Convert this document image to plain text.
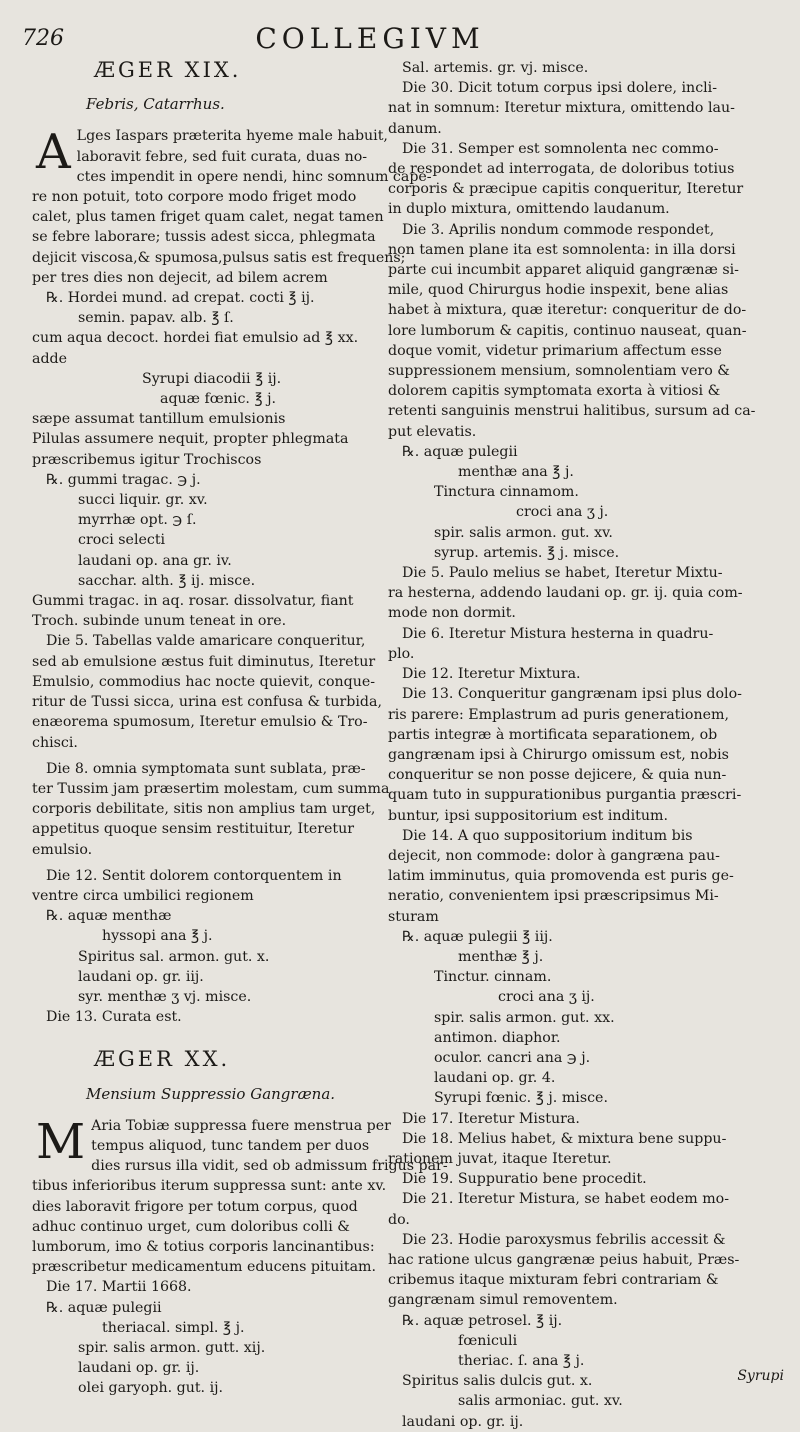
726	COLLEGIVM

ÆGER XIX.

Febris, Catarrhus.

A Lges Iaspars præterita hyeme male habuit,

laboravit febre, sed fuit curata, duas no-

ctes impendit in opere nendi, hinc somnum cape-

re non potuit, toto corpore modo friget modo

calet, plus tamen friget quam calet, negat tamen

se febre laborare; tussis adest sicca, phlegmata

dejicit viscosa,& spumosa,pulsus satis est frequens;

per tres dies non dejecit, ad bilem acrem

℞. Hordei mund. ad crepat. cocti ℥ ij.

semin. papav. alb. ℥ ſ.

cum aqua decoct. hordei fiat emulsio ad ℥ xx.

adde

Syrupi diacodii ℥ ij.

aquæ fœnic. ℥ j.

sæpe assumat tantillum emulsionis

Pilulas assumere nequit, propter phlegmata

præscribemus igitur Trochiscos

℞. gummi tragac. ℈ j.

succi liquir. gr. xv.

myrrhæ opt. ℈ ſ.

croci selecti

laudani op. ana gr. iv.

sacchar. alth. ℥ ij. misce.

Gummi tragac. in aq. rosar. dissolvatur, fiant

Troch. subinde unum teneat in ore.

Die 5. Tabellas valde amaricare conqueritur,

sed ab emulsione æstus fuit diminutus, Iteretur

Emulsio, commodius hac nocte quievit, conque-

ritur de Tussi sicca, urina est confusa & turbida,

enæorema spumosum, Iteretur emulsio & Tro-

chisci.

Die 8. omnia symptomata sunt sublata, præ-

ter Tussim jam præsertim molestam, cum summa

corporis debilitate, sitis non amplius tam urget,

appetitus quoque sensim restituitur, Iteretur

emulsio.

Die 12. Sentit dolorem contorquentem in

ventre circa umbilici regionem

℞. aquæ menthæ

hyssopi ana ℥ j.

Spiritus sal. armon. gut. x.

laudani op. gr. iij.

syr. menthæ ʒ vj. misce.

Die 13. Curata est.

ÆGER XX.

Mensium Suppressio Gangræna.

M Aria Tobiæ suppressa fuere menstrua per

tempus aliquod, tunc tandem per duos

dies rursus illa vidit, sed ob admissum frigus par-

tibus inferioribus iterum suppressa sunt: ante xv.

dies laboravit frigore per totum corpus, quod

adhuc continuo urget, cum doloribus colli &

lumborum, imo & totius corporis lancinantibus:

præscribetur medicamentum educens pituitam.

Die 17. Martii 1668.

℞. aquæ pulegii

theriacal. simpl. ℥ j.

spir. salis armon. gutt. xij.

laudani op. gr. ij.

olei garyoph. gut. ij.

Sal. artemis. gr. vj. misce.

Die 30. Dicit totum corpus ipsi dolere, incli-

nat in somnum: Iteretur mixtura, omittendo lau-

danum.

Die 31. Semper est somnolenta nec commo-

de respondet ad interrogata, de doloribus totius

corporis & præcipue capitis conqueritur, Iteretur

in duplo mixtura, omittendo laudanum.

Die 3. Aprilis nondum commode respondet,

non tamen plane ita est somnolenta: in illa dorsi

parte cui incumbit apparet aliquid gangrænæ si-

mile, quod Chirurgus hodie inspexit, bene alias

habet à mixtura, quæ iteretur: conqueritur de do-

lore lumborum & capitis, continuo nauseat, quan-

doque vomit, videtur primarium affectum esse

suppressionem mensium, somnolentiam vero &

dolorem capitis symptomata exorta à vitiosi &

retenti sanguinis menstrui halitibus, sursum ad ca-

put elevatis.

℞. aquæ pulegii

menthæ ana ℥ j.

Tinctura cinnamom.

croci ana ʒ j.

spir. salis armon. gut. xv.

syrup. artemis. ℥ j. misce.

Die 5. Paulo melius se habet, Iteretur Mixtu-

ra hesterna, addendo laudani op. gr. ij. quia com-

mode non dormit.

Die 6. Iteretur Mistura hesterna in quadru-

plo.

Die 12. Iteretur Mixtura.

Die 13. Conqueritur gangrænam ipsi plus dolo-

ris parere: Emplastrum ad puris generationem,

partis integræ à mortificata separationem, ob

gangrænam ipsi à Chirurgo omissum est, nobis

conqueritur se non posse dejicere, & quia nun-

quam tuto in suppurationibus purgantia præscri-

buntur, ipsi suppositorium est inditum.

Die 14. A quo suppositorium inditum bis

dejecit, non commode: dolor à gangræna pau-

latim imminutus, quia promovenda est puris ge-

neratio, convenientem ipsi præscripsimus Mi-

sturam

℞. aquæ pulegii ℥ iij.

menthæ ℥ j.

Tinctur. cinnam.

croci ana ʒ ij.

spir. salis armon. gut. xx.

antimon. diaphor.

oculor. cancri ana ℈ j.

laudani op. gr. 4.

Syrupi fœnic. ℥ j. misce.

Die 17. Iteretur Mistura.

Die 18. Melius habet, & mixtura bene suppu-

rationem juvat, itaque Iteretur.

Die 19. Suppuratio bene procedit.

Die 21. Iteretur Mistura, se habet eodem mo-

do.

Die 23. Hodie paroxysmus febrilis accessit &

hac ratione ulcus gangrænæ peius habuit, Præs-

cribemus itaque mixturam febri contrariam &

gangrænam simul removentem.

℞. aquæ petrosel. ℥ ij.

fœniculi

theriac. ſ. ana ℥ j.

Spiritus salis dulcis gut. x.

salis armoniac. gut. xv.

laudani op. gr. ij.

Syrupi
